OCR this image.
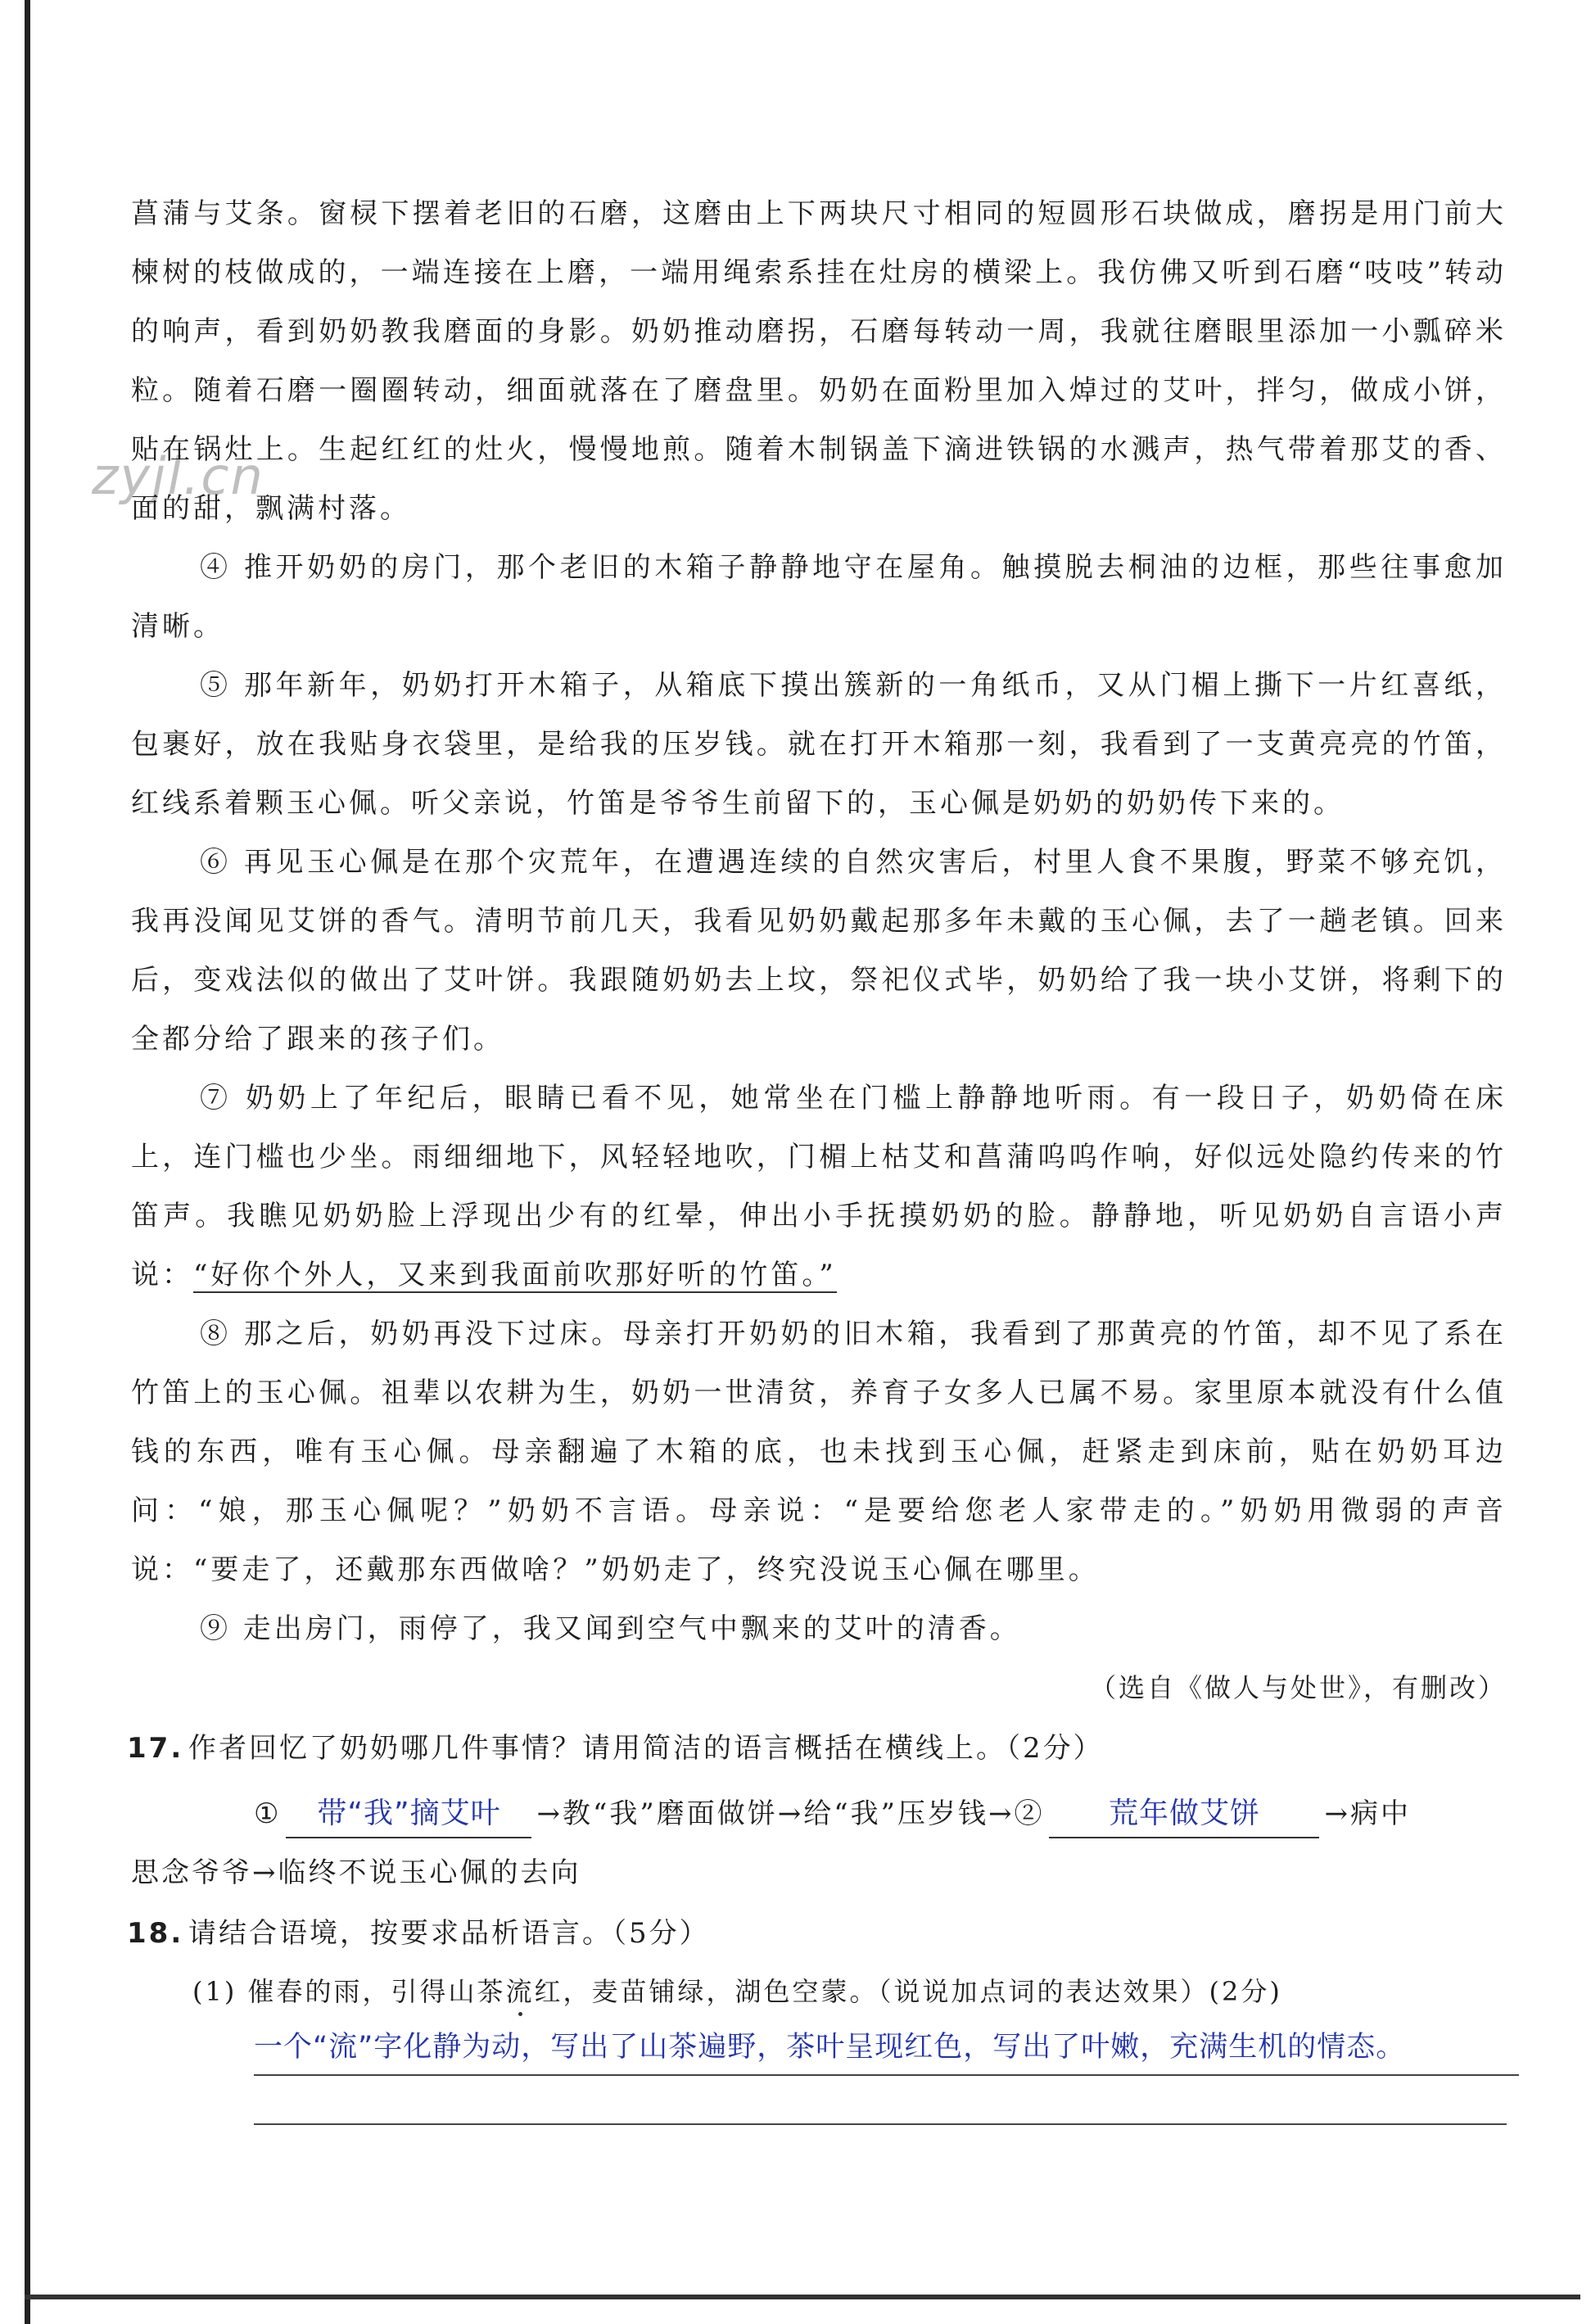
zyjl.cn

菖蒲与艾条。窗棂下摆着老旧的石磨，这磨由上下两块尺寸相同的短圆形石块做成，磨拐是用门前大楝树的枝做成的，一端连接在上磨，一端用绳索系挂在灶房的横梁上。我仿佛又听到石磨“吱吱”转动的响声，看到奶奶教我磨面的身影。奶奶推动磨拐，石磨每转动一周，我就往磨眼里添加一小瓢碎米粒。随着石磨一圈圈转动，细面就落在了磨盘里。奶奶在面粉里加入焯过的艾叶，拌匀，做成小饼，贴在锅灶上。生起红红的灶火，慢慢地煎。随着木制锅盖下滴进铁锅的水溅声，热气带着那艾的香、面的甜，飘满村落。

④ 推开奶奶的房门，那个老旧的木箱子静静地守在屋角。触摸脱去桐油的边框，那些往事愈加清晰。

⑤ 那年新年，奶奶打开木箱子，从箱底下摸出簇新的一角纸币，又从门楣上撕下一片红喜纸，包裹好，放在我贴身衣袋里，是给我的压岁钱。就在打开木箱那一刻，我看到了一支黄亮亮的竹笛，红线系着颗玉心佩。听父亲说，竹笛是爷爷生前留下的，玉心佩是奶奶的奶奶传下来的。

⑥ 再见玉心佩是在那个灾荒年，在遭遇连续的自然灾害后，村里人食不果腹，野菜不够充饥，我再没闻见艾饼的香气。清明节前几天，我看见奶奶戴起那多年未戴的玉心佩，去了一趟老镇。回来后，变戏法似的做出了艾叶饼。我跟随奶奶去上坟，祭祀仪式毕，奶奶给了我一块小艾饼，将剩下的全都分给了跟来的孩子们。

⑦ 奶奶上了年纪后，眼睛已看不见，她常坐在门槛上静静地听雨。有一段日子，奶奶倚在床上，连门槛也少坐。雨细细地下，风轻轻地吹，门楣上枯艾和菖蒲呜呜作响，好似远处隐约传来的竹笛声。我瞧见奶奶脸上浮现出少有的红晕，伸出小手抚摸奶奶的脸。静静地，听见奶奶自言语小声说：“好你个外人，又来到我面前吹那好听的竹笛。”

⑧ 那之后，奶奶再没下过床。母亲打开奶奶的旧木箱，我看到了那黄亮的竹笛，却不见了系在竹笛上的玉心佩。祖辈以农耕为生，奶奶一世清贫，养育子女多人已属不易。家里原本就没有什么值钱的东西，唯有玉心佩。母亲翻遍了木箱的底，也未找到玉心佩，赶紧走到床前，贴在奶奶耳边问：“娘，那玉心佩呢？”奶奶不言语。母亲说：“是要给您老人家带走的。”奶奶用微弱的声音说：“要走了，还戴那东西做啥？”奶奶走了，终究没说玉心佩在哪里。

⑨ 走出房门，雨停了，我又闻到空气中飘来的艾叶的清香。

（选自《做人与处世》，有删改）

17. 作者回忆了奶奶哪几件事情？请用简洁的语言概括在横线上。（2分）
①	带“我”摘艾叶	→教“我”磨面做饼→给“我”压岁钱→②	荒年做艾饼	→病中
思念爷爷→临终不说玉心佩的去向
18. 请结合语境，按要求品析语言。（5分）
(1) 催春的雨，引得山茶流红，麦苗铺绿，湖色空蒙。（说说加点词的表达效果）(2分)
一个“流”字化静为动，写出了山茶遍野，茶叶呈现红色，写出了叶嫩，充满生机的情态。
